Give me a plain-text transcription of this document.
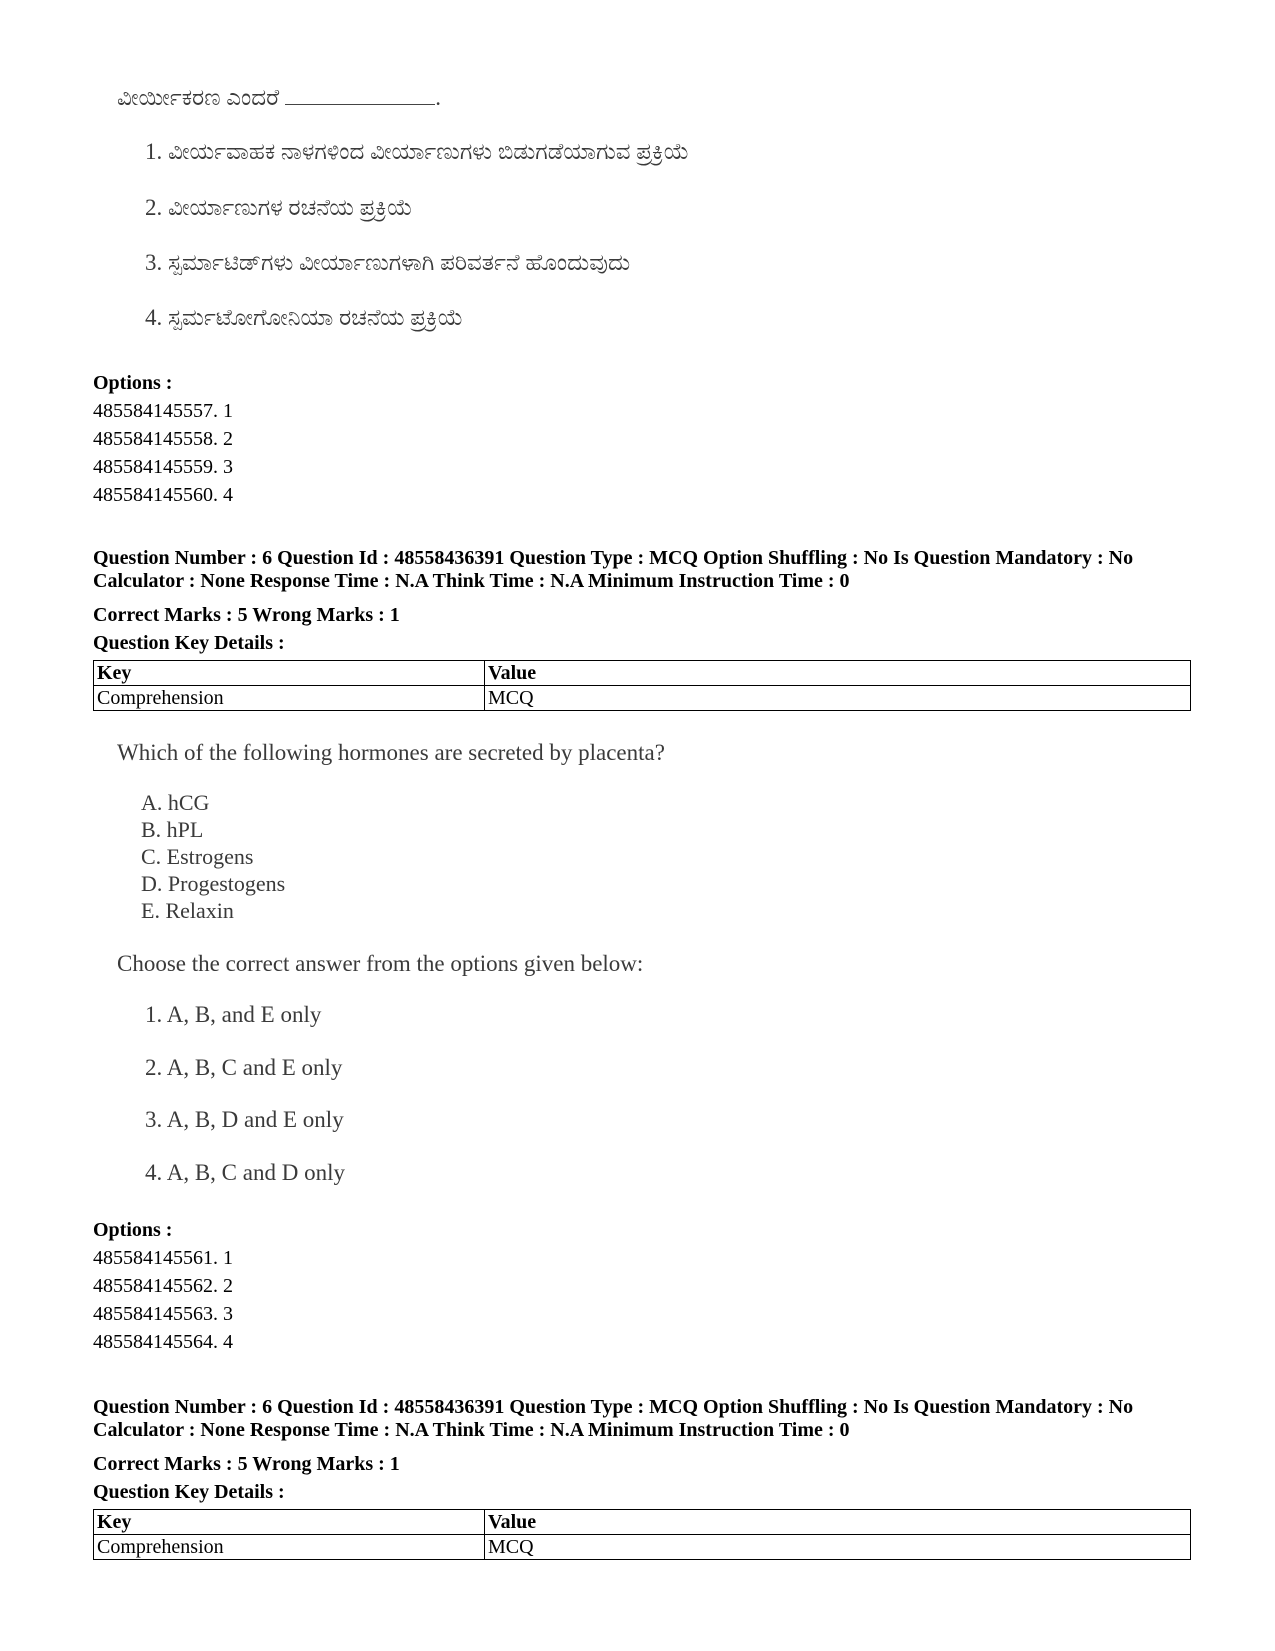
ವೀರ್ಯೀಕರಣ ಎಂದರೆ	.
1. ವೀರ್ಯವಾಹಕ ನಾಳಗಳಿಂದ ವೀರ್ಯಾಣುಗಳು ಬಿಡುಗಡೆಯಾಗುವ ಪ್ರಕ್ರಿಯೆ
2. ವೀರ್ಯಾಣುಗಳ ರಚನೆಯ ಪ್ರಕ್ರಿಯೆ
3. ಸ್ಪರ್ಮಾಟಿಡ್‌ಗಳು ವೀರ್ಯಾಣುಗಳಾಗಿ ಪರಿವರ್ತನೆ ಹೊಂದುವುದು
4. ಸ್ಪರ್ಮಟೋಗೋನಿಯಾ ರಚನೆಯ ಪ್ರಕ್ರಿಯೆ
Options :
485584145557. 1
485584145558. 2
485584145559. 3
485584145560. 4
Question Number : 6 Question Id : 48558436391 Question Type : MCQ Option Shuffling : No Is Question Mandatory : No
Calculator : None Response Time : N.A Think Time : N.A Minimum Instruction Time : 0
Correct Marks : 5 Wrong Marks : 1
Question Key Details :
Key	Value
Comprehension	MCQ
Which of the following hormones are secreted by placenta?
A. hCG
B. hPL
C. Estrogens
D. Progestogens
E. Relaxin
Choose the correct answer from the options given below:
1. A, B, and E only
2. A, B, C and E only
3. A, B, D and E only
4. A, B, C and D only
Options :
485584145561. 1
485584145562. 2
485584145563. 3
485584145564. 4
Question Number : 6 Question Id : 48558436391 Question Type : MCQ Option Shuffling : No Is Question Mandatory : No
Calculator : None Response Time : N.A Think Time : N.A Minimum Instruction Time : 0
Correct Marks : 5 Wrong Marks : 1
Question Key Details :
Key	Value
Comprehension	MCQ
